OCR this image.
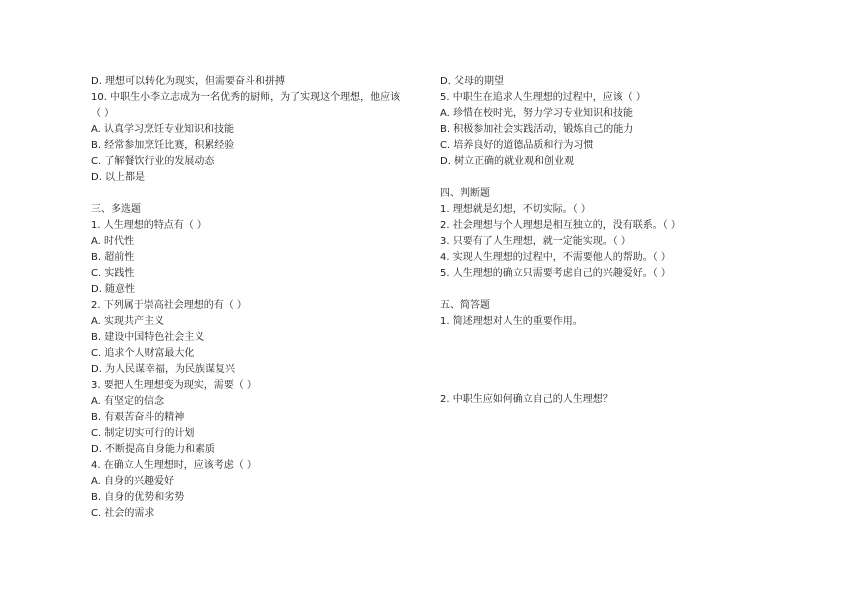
D. 理想可以转化为现实，但需要奋斗和拼搏
10. 中职生小李立志成为一名优秀的厨师，为了实现这个理想，他应该
（ ）
A. 认真学习烹饪专业知识和技能
B. 经常参加烹饪比赛，积累经验
C. 了解餐饮行业的发展动态
D. 以上都是
三、多选题
1. 人生理想的特点有（ ）
A. 时代性
B. 超前性
C. 实践性
D. 随意性
2. 下列属于崇高社会理想的有（ ）
A. 实现共产主义
B. 建设中国特色社会主义
C. 追求个人财富最大化
D. 为人民谋幸福，为民族谋复兴
3. 要把人生理想变为现实，需要（ ）
A. 有坚定的信念
B. 有艰苦奋斗的精神
C. 制定切实可行的计划
D. 不断提高自身能力和素质
4. 在确立人生理想时，应该考虑（ ）
A. 自身的兴趣爱好
B. 自身的优势和劣势
C. 社会的需求
D. 父母的期望
5. 中职生在追求人生理想的过程中，应该（ ）
A. 珍惜在校时光，努力学习专业知识和技能
B. 积极参加社会实践活动，锻炼自己的能力
C. 培养良好的道德品质和行为习惯
D. 树立正确的就业观和创业观
四、判断题
1. 理想就是幻想，不切实际。（ ）
2. 社会理想与个人理想是相互独立的，没有联系。（ ）
3. 只要有了人生理想，就一定能实现。（ ）
4. 实现人生理想的过程中，不需要他人的帮助。（ ）
5. 人生理想的确立只需要考虑自己的兴趣爱好。（ ）
五、简答题
1. 简述理想对人生的重要作用。
2. 中职生应如何确立自己的人生理想？
